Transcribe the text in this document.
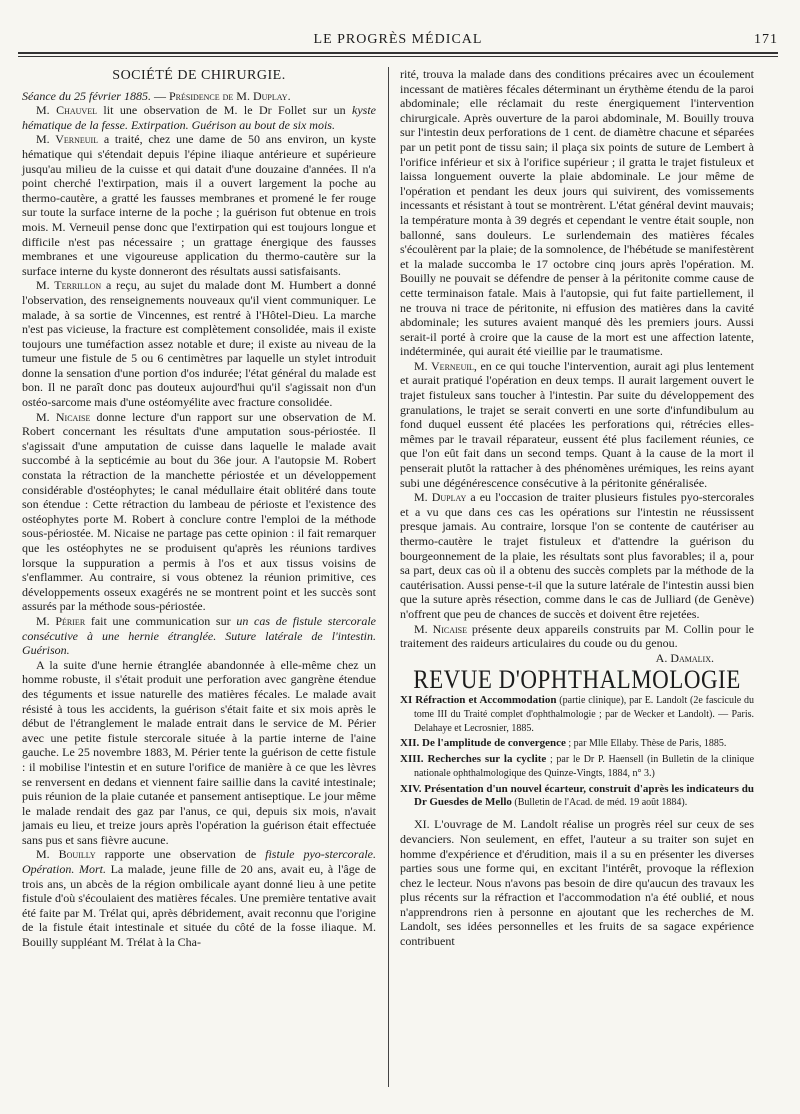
LE PROGRÈS MÉDICAL	171
SOCIÉTÉ DE CHIRURGIE.

Séance du 25 février 1885. — Présidence de M. Duplay.

M. Chauvel lit une observation de M. le Dr Follet sur un kyste hématique de la fesse. Extirpation. Guérison au bout de six mois.

M. Verneuil a traité, chez une dame de 50 ans environ, un kyste hématique qui s'étendait depuis l'épine iliaque antérieure et supérieure jusqu'au milieu de la cuisse et qui datait d'une douzaine d'années. Il n'a point cherché l'extirpation, mais il a ouvert largement la poche au thermo-cautère, a gratté les fausses membranes et promené le fer rouge sur toute la surface interne de la poche ; la guérison fut obtenue en trois mois. M. Verneuil pense donc que l'extirpation qui est toujours longue et difficile n'est pas nécessaire ; un grattage énergique des fausses membranes et une vigoureuse application du thermo-cautère sur la surface interne du kyste donneront des résultats aussi satisfaisants.

M. Terrillon a reçu, au sujet du malade dont M. Humbert a donné l'observation, des renseignements nouveaux qu'il vient communiquer. Le malade, à sa sortie de Vincennes, est rentré à l'Hôtel-Dieu. La marche n'est pas vicieuse, la fracture est complètement consolidée, mais il existe toujours une tuméfaction assez notable et dure; il existe au niveau de la tumeur une fistule de 5 ou 6 centimètres par laquelle un stylet introduit donne la sensation d'une portion d'os indurée; l'état général du malade est bon. Il ne paraît donc pas douteux aujourd'hui qu'il s'agissait non d'un ostéo-sarcome mais d'une ostéomyélite avec fracture consolidée.

M. Nicaise donne lecture d'un rapport sur une observation de M. Robert concernant les résultats d'une amputation sous-périostée. Il s'agissait d'une amputation de cuisse dans laquelle le malade avait succombé à la septicémie au bout du 36e jour. A l'autopsie M. Robert constata la rétraction de la manchette périostée et un développement considérable d'ostéophytes; le canal médullaire était oblitéré dans toute son étendue : Cette rétraction du lambeau de périoste et l'existence des ostéophytes porte M. Robert à conclure contre l'emploi de la méthode sous-périostée. M. Nicaise ne partage pas cette opinion : il fait remarquer que les ostéophytes ne se produisent qu'après les réunions tardives lorsque la suppuration a permis à l'os et aux tissus voisins de s'enflammer. Au contraire, si vous obtenez la réunion primitive, ces développements osseux exagérés ne se montrent point et les succès sont assurés par la méthode sous-périostée.

M. Périer fait une communication sur un cas de fistule stercorale consécutive à une hernie étranglée. Suture latérale de l'intestin. Guérison.

A la suite d'une hernie étranglée abandonnée à elle-même chez un homme robuste, il s'était produit une perforation avec gangrène étendue des téguments et issue naturelle des matières fécales. Le malade avait résisté à tous les accidents, la guérison s'était faite et six mois après le début de l'étranglement le malade entrait dans le service de M. Périer avec une petite fistule stercorale située à la partie interne de l'aine gauche. Le 25 novembre 1883, M. Périer tente la guérison de cette fistule : il mobilise l'intestin et en suture l'orifice de manière à ce que les lèvres se renversent en dedans et viennent faire saillie dans la cavité intestinale; puis réunion de la plaie cutanée et pansement antiseptique. Le jour même le malade rendait des gaz par l'anus, ce qui, depuis six mois, n'avait jamais eu lieu, et treize jours après l'opération la guérison était effectuée sans pus et sans fièvre aucune.

M. Bouilly rapporte une observation de fistule pyo-stercorale. Opération. Mort. La malade, jeune fille de 20 ans, avait eu, à l'âge de trois ans, un abcès de la région ombilicale ayant donné lieu à une petite fistule d'où s'écoulaient des matières fécales. Une première tentative avait été faite par M. Trélat qui, après débridement, avait reconnu que l'origine de la fistule était intestinale et située du côté de la fosse iliaque. M. Bouilly suppléant M. Trélat à la Cha-

rité, trouva la malade dans des conditions précaires avec un écoulement incessant de matières fécales déterminant un érythème étendu de la paroi abdominale; elle réclamait du reste énergiquement l'intervention chirurgicale. Après ouverture de la paroi abdominale, M. Bouilly trouva sur l'intestin deux perforations de 1 cent. de diamètre chacune et séparées par un petit pont de tissu sain; il plaça six points de suture de Lembert à l'orifice inférieur et six à l'orifice supérieur ; il gratta le trajet fistuleux et laissa longuement ouverte la plaie abdominale. Le jour même de l'opération et pendant les deux jours qui suivirent, des vomissements incessants et résistant à tout se montrèrent. L'état général devint mauvais; la température monta à 39 degrés et cependant le ventre était souple, non ballonné, sans douleurs. Le surlendemain des matières fécales s'écoulèrent par la plaie; de la somnolence, de l'hébétude se manifestèrent et la malade succomba le 17 octobre cinq jours après l'opération. M. Bouilly ne pouvait se défendre de penser à la péritonite comme cause de cette terminaison fatale. Mais à l'autopsie, qui fut faite partiellement, il ne trouva ni trace de péritonite, ni effusion des matières dans la cavité abdominale; les sutures avaient manqué dès les premiers jours. Aussi serait-il porté à croire que la cause de la mort est une affection latente, indéterminée, qui aurait été vieillie par le traumatisme.

M. Verneuil, en ce qui touche l'intervention, aurait agi plus lentement et aurait pratiqué l'opération en deux temps. Il aurait largement ouvert le trajet fistuleux sans toucher à l'intestin. Par suite du développement des granulations, le trajet se serait converti en une sorte d'infundibulum au fond duquel eussent été placées les perforations qui, rétrécies elles-mêmes par le travail réparateur, eussent été plus facilement réunies, ce que l'on eût fait dans un second temps. Quant à la cause de la mort il penserait plutôt la rattacher à des phénomènes urémiques, les reins ayant subi une dégénérescence consécutive à la péritonite généralisée.

M. Duplay a eu l'occasion de traiter plusieurs fistules pyo-stercorales et a vu que dans ces cas les opérations sur l'intestin ne réussissent presque jamais. Au contraire, lorsque l'on se contente de cautériser au thermo-cautère le trajet fistuleux et d'attendre la guérison du bourgeonnement de la plaie, les résultats sont plus favorables; il a, pour sa part, deux cas où il a obtenu des succès complets par la méthode de la cautérisation. Aussi pense-t-il que la suture latérale de l'intestin aussi bien que la suture après résection, comme dans le cas de Julliard (de Genève) n'offrent que peu de chances de succès et doivent être rejetées.

M. Nicaise présente deux appareils construits par M. Collin pour le traitement des raideurs articulaires du coude ou du genou.

A. Damalix.

REVUE D'OPHTHALMOLOGIE

XI Réfraction et Accommodation (partie clinique), par E. Landolt (2e fascicule du tome III du Traité complet d'ophthalmologie ; par de Wecker et Landolt). — Paris. Delahaye et Lecrosnier, 1885.

XII. De l'amplitude de convergence ; par Mlle Ellaby. Thèse de Paris, 1885.

XIII. Recherches sur la cyclite ; par le Dr P. Haensell (in Bulletin de la clinique nationale ophthalmologique des Quinze-Vingts, 1884, n° 3.)

XIV. Présentation d'un nouvel écarteur, construit d'après les indicateurs du Dr Guesdes de Mello (Bulletin de l'Acad. de méd. 19 août 1884).

XI. L'ouvrage de M. Landolt réalise un progrès réel sur ceux de ses devanciers. Non seulement, en effet, l'auteur a su traiter son sujet en homme d'expérience et d'érudition, mais il a su en présenter les diverses parties sous une forme qui, en excitant l'intérêt, provoque la réflexion chez le lecteur. Nous n'avons pas besoin de dire qu'aucun des travaux les plus récents sur la réfraction et l'accommodation n'a été oublié, et nous n'apprendrons rien à personne en ajoutant que les recherches de M. Landolt, ses idées personnelles et les fruits de sa sagace expérience contribuent
